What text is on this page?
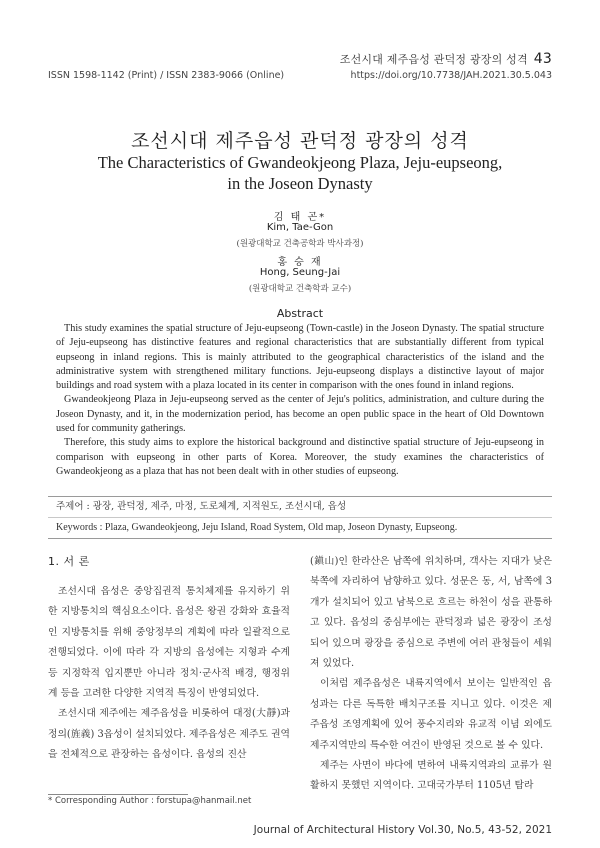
조선시대 제주읍성 관덕정 광장의 성격 43
ISSN 1598-1142 (Print) / ISSN 2383-9066 (Online)	https://doi.org/10.7738/JAH.2021.30.5.043
조선시대 제주읍성 관덕정 광장의 성격
The Characteristics of Gwandeokjeong Plaza, Jeju-eupseong,
in the Joseon Dynasty
김 태 곤*
Kim, Tae-Gon
(원광대학교 건축공학과 박사과정)
홍 승 재
Hong, Seung-Jai
(원광대학교 건축학과 교수)
Abstract

This study examines the spatial structure of Jeju-eupseong (Town-castle) in the Joseon Dynasty. The spatial structure of Jeju-eupseong has distinctive features and regional characteristics that are substantially different from typical eupseong in inland regions. This is mainly attributed to the geographical characteristics of the island and the administrative system with strengthened military functions. Jeju-eupseong displays a distinctive layout of major buildings and road system with a plaza located in its center in comparison with the ones found in inland regions.

Gwandeokjeong Plaza in Jeju-eupseong served as the center of Jeju's politics, administration, and culture during the Joseon Dynasty, and it, in the modernization period, has become an open public space in the heart of Old Downtown used for community gatherings.

Therefore, this study aims to explore the historical background and distinctive spatial structure of Jeju-eupseong in comparison with eupseong in other parts of Korea. Moreover, the study examines the characteristics of Gwandeokjeong as a plaza that has not been dealt with in other studies of eupseong.

주제어 : 광장, 관덕정, 제주, 마정, 도로체계, 지적원도, 조선시대, 읍성
Keywords : Plaza, Gwandeokjeong, Jeju Island, Road System, Old map, Joseon Dynasty, Eupseong.
1. 서 론

조선시대 읍성은 중앙집권적 통치체제를 유지하기 위한 지방통치의 핵심요소이다. 읍성은 왕권 강화와 효율적인 지방통치를 위해 중앙정부의 계획에 따라 일괄적으로 전행되었다. 이에 따라 각 지방의 읍성에는 지형과 수계 등 지정학적 입지뿐만 아니라 정치·군사적 배경, 행정위계 등을 고려한 다양한 지역적 특징이 반영되었다.

조선시대 제주에는 제주읍성을 비롯하여 대정(大靜)과 정의(旌義) 3읍성이 설치되었다. 제주읍성은 제주도 권역을 전체적으로 관장하는 읍성이다. 읍성의 진산

(鎭山)인 한라산은 남쪽에 위치하며, 객사는 지대가 낮은 북쪽에 자리하여 남향하고 있다. 성문은 동, 서, 남쪽에 3개가 설치되어 있고 남북으로 흐르는 하천이 성을 관통하고 있다. 읍성의 중심부에는 관덕정과 넓은 광장이 조성되어 있으며 광장을 중심으로 주변에 여러 관청들이 세워져 있었다.

이처럼 제주읍성은 내륙지역에서 보이는 일반적인 읍성과는 다른 독특한 배치구조를 지니고 있다. 이것은 제주읍성 조영계획에 있어 풍수지리와 유교적 이념 외에도 제주지역만의 특수한 여건이 반영된 것으로 볼 수 있다.

제주는 사면이 바다에 면하여 내륙지역과의 교류가 원활하지 못했던 지역이다. 고대국가부터 1105년 탐라

* Corresponding Author : forstupa@hanmail.net
Journal of Architectural History Vol.30, No.5, 43-52, 2021
